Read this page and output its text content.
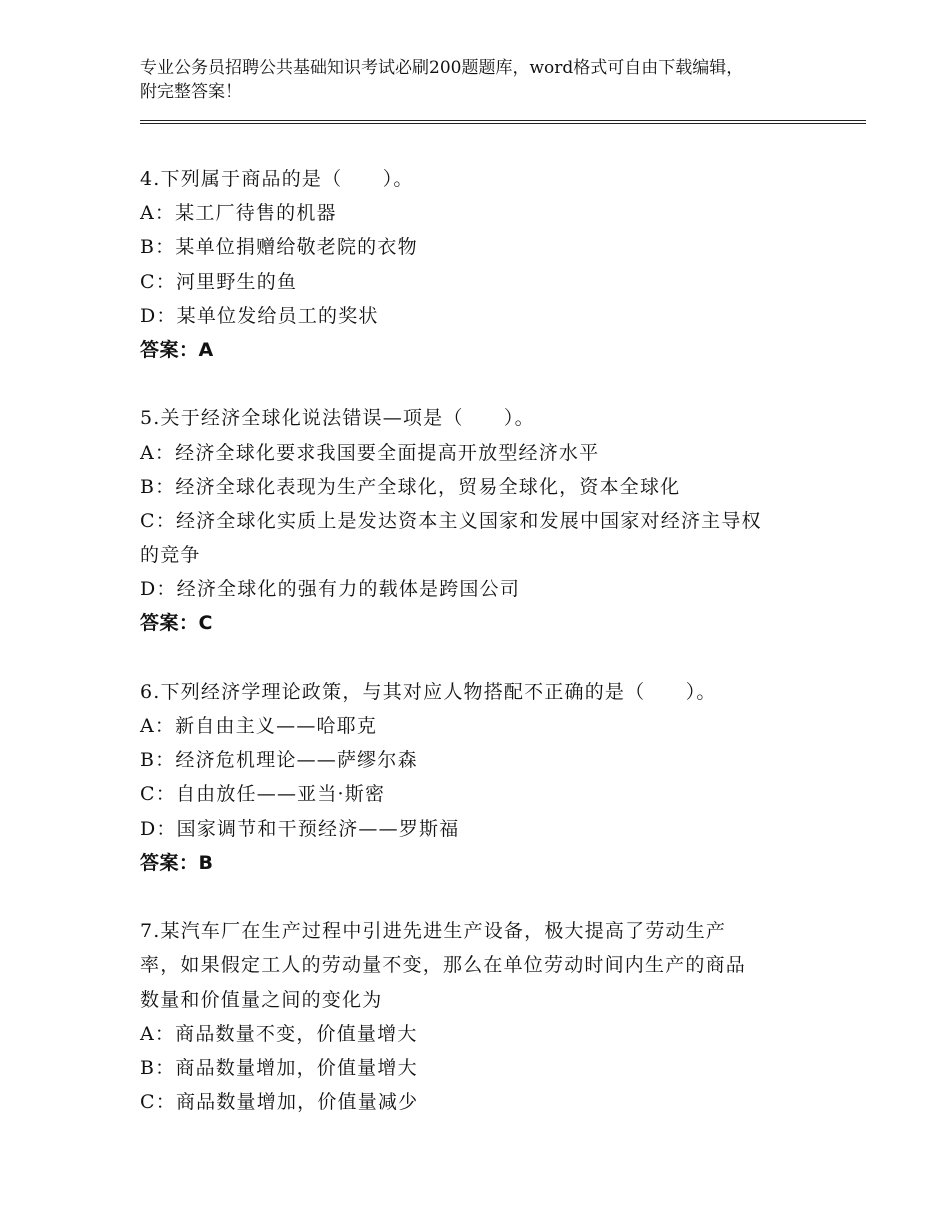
专业公务员招聘公共基础知识考试必刷200题题库，word格式可自由下载编辑，
附完整答案！
4.下列属于商品的是（　　）。
A：某工厂待售的机器
B：某单位捐赠给敬老院的衣物
C：河里野生的鱼
D：某单位发给员工的奖状
答案：A
5.关于经济全球化说法错误—项是（　　）。
A：经济全球化要求我国要全面提高开放型经济水平
B：经济全球化表现为生产全球化，贸易全球化，资本全球化
C：经济全球化实质上是发达资本主义国家和发展中国家对经济主导权
的竞争
D：经济全球化的强有力的载体是跨国公司
答案：C
6.下列经济学理论政策，与其对应人物搭配不正确的是（　　）。
A：新自由主义——哈耶克
B：经济危机理论——萨缪尔森
C：自由放任——亚当·斯密
D：国家调节和干预经济——罗斯福
答案：B
7.某汽车厂在生产过程中引进先进生产设备，极大提高了劳动生产
率，如果假定工人的劳动量不变，那么在单位劳动时间内生产的商品
数量和价值量之间的变化为
A：商品数量不变，价值量增大
B：商品数量增加，价值量增大
C：商品数量增加，价值量减少
